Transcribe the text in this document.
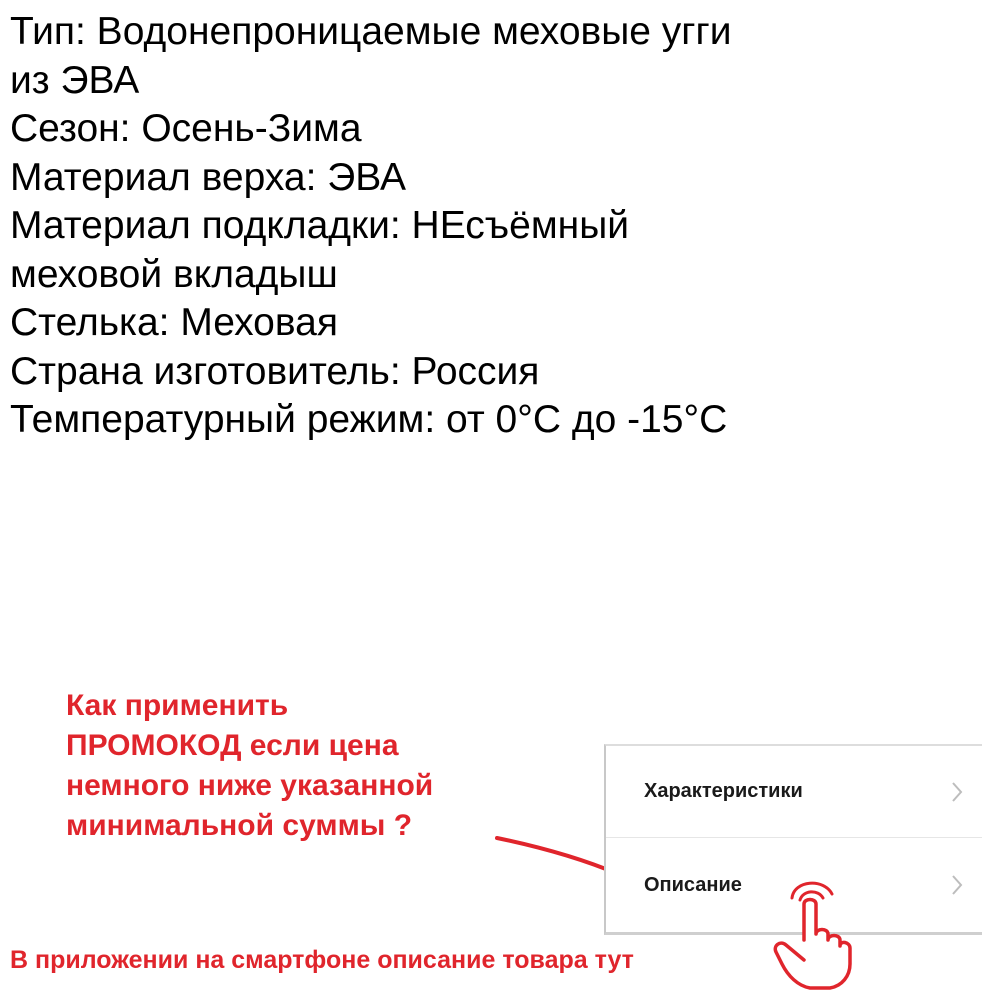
Тип: Водонепроницаемые меховые угги
из ЭВА
Сезон: Осень-Зима
Материал верха: ЭВА
Материал подкладки: НЕсъёмный
меховой вкладыш
Стелька: Меховая
Страна изготовитель: Россия
Температурный режим: от 0°C до -15°C
Как применить
ПРОМОКОД если цена
немного ниже указанной
минимальной суммы ?
Характеристики
Описание
В приложении на смартфоне описание товара тут
